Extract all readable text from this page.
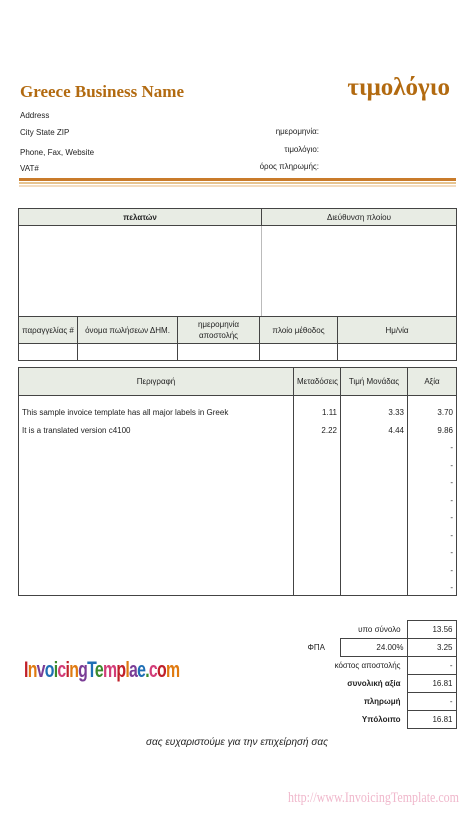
Greece Business Name	τιμολόγιο
Address
City State ZIP
Phone, Fax, Website
VAT#
ημερομηνία:
τιμολόγιο:
όρος πληρωμής:
πελατών	Διεύθυνση πλοίου

παραγγελίας #	όνομα πωλήσεων ΔΗΜ.	ημερομηνία αποστολής	πλοίο μέθοδος	Ημ/νία

Περιγραφή	Μεταδόσεις	Τιμή Μονάδας	Αξία
This sample invoice template has all major labels in Greek	1.11	3.33	3.70
It is a translated version c4100	2.22	4.44	9.86
			-
			-
			-
			-
			-
			-
			-
			-
			-
	υπο σύνολο		13.56
	ΦΠΑ	24.00%	3.25
	κόστος αποστολής		-
	συνολική αξία		16.81
	πληρωμή		-
	Υπόλοιπο		16.81
InvoicingTemplae.com
σας ευχαριστούμε για την επιχείρησή σας
http://www.InvoicingTemplate.com
